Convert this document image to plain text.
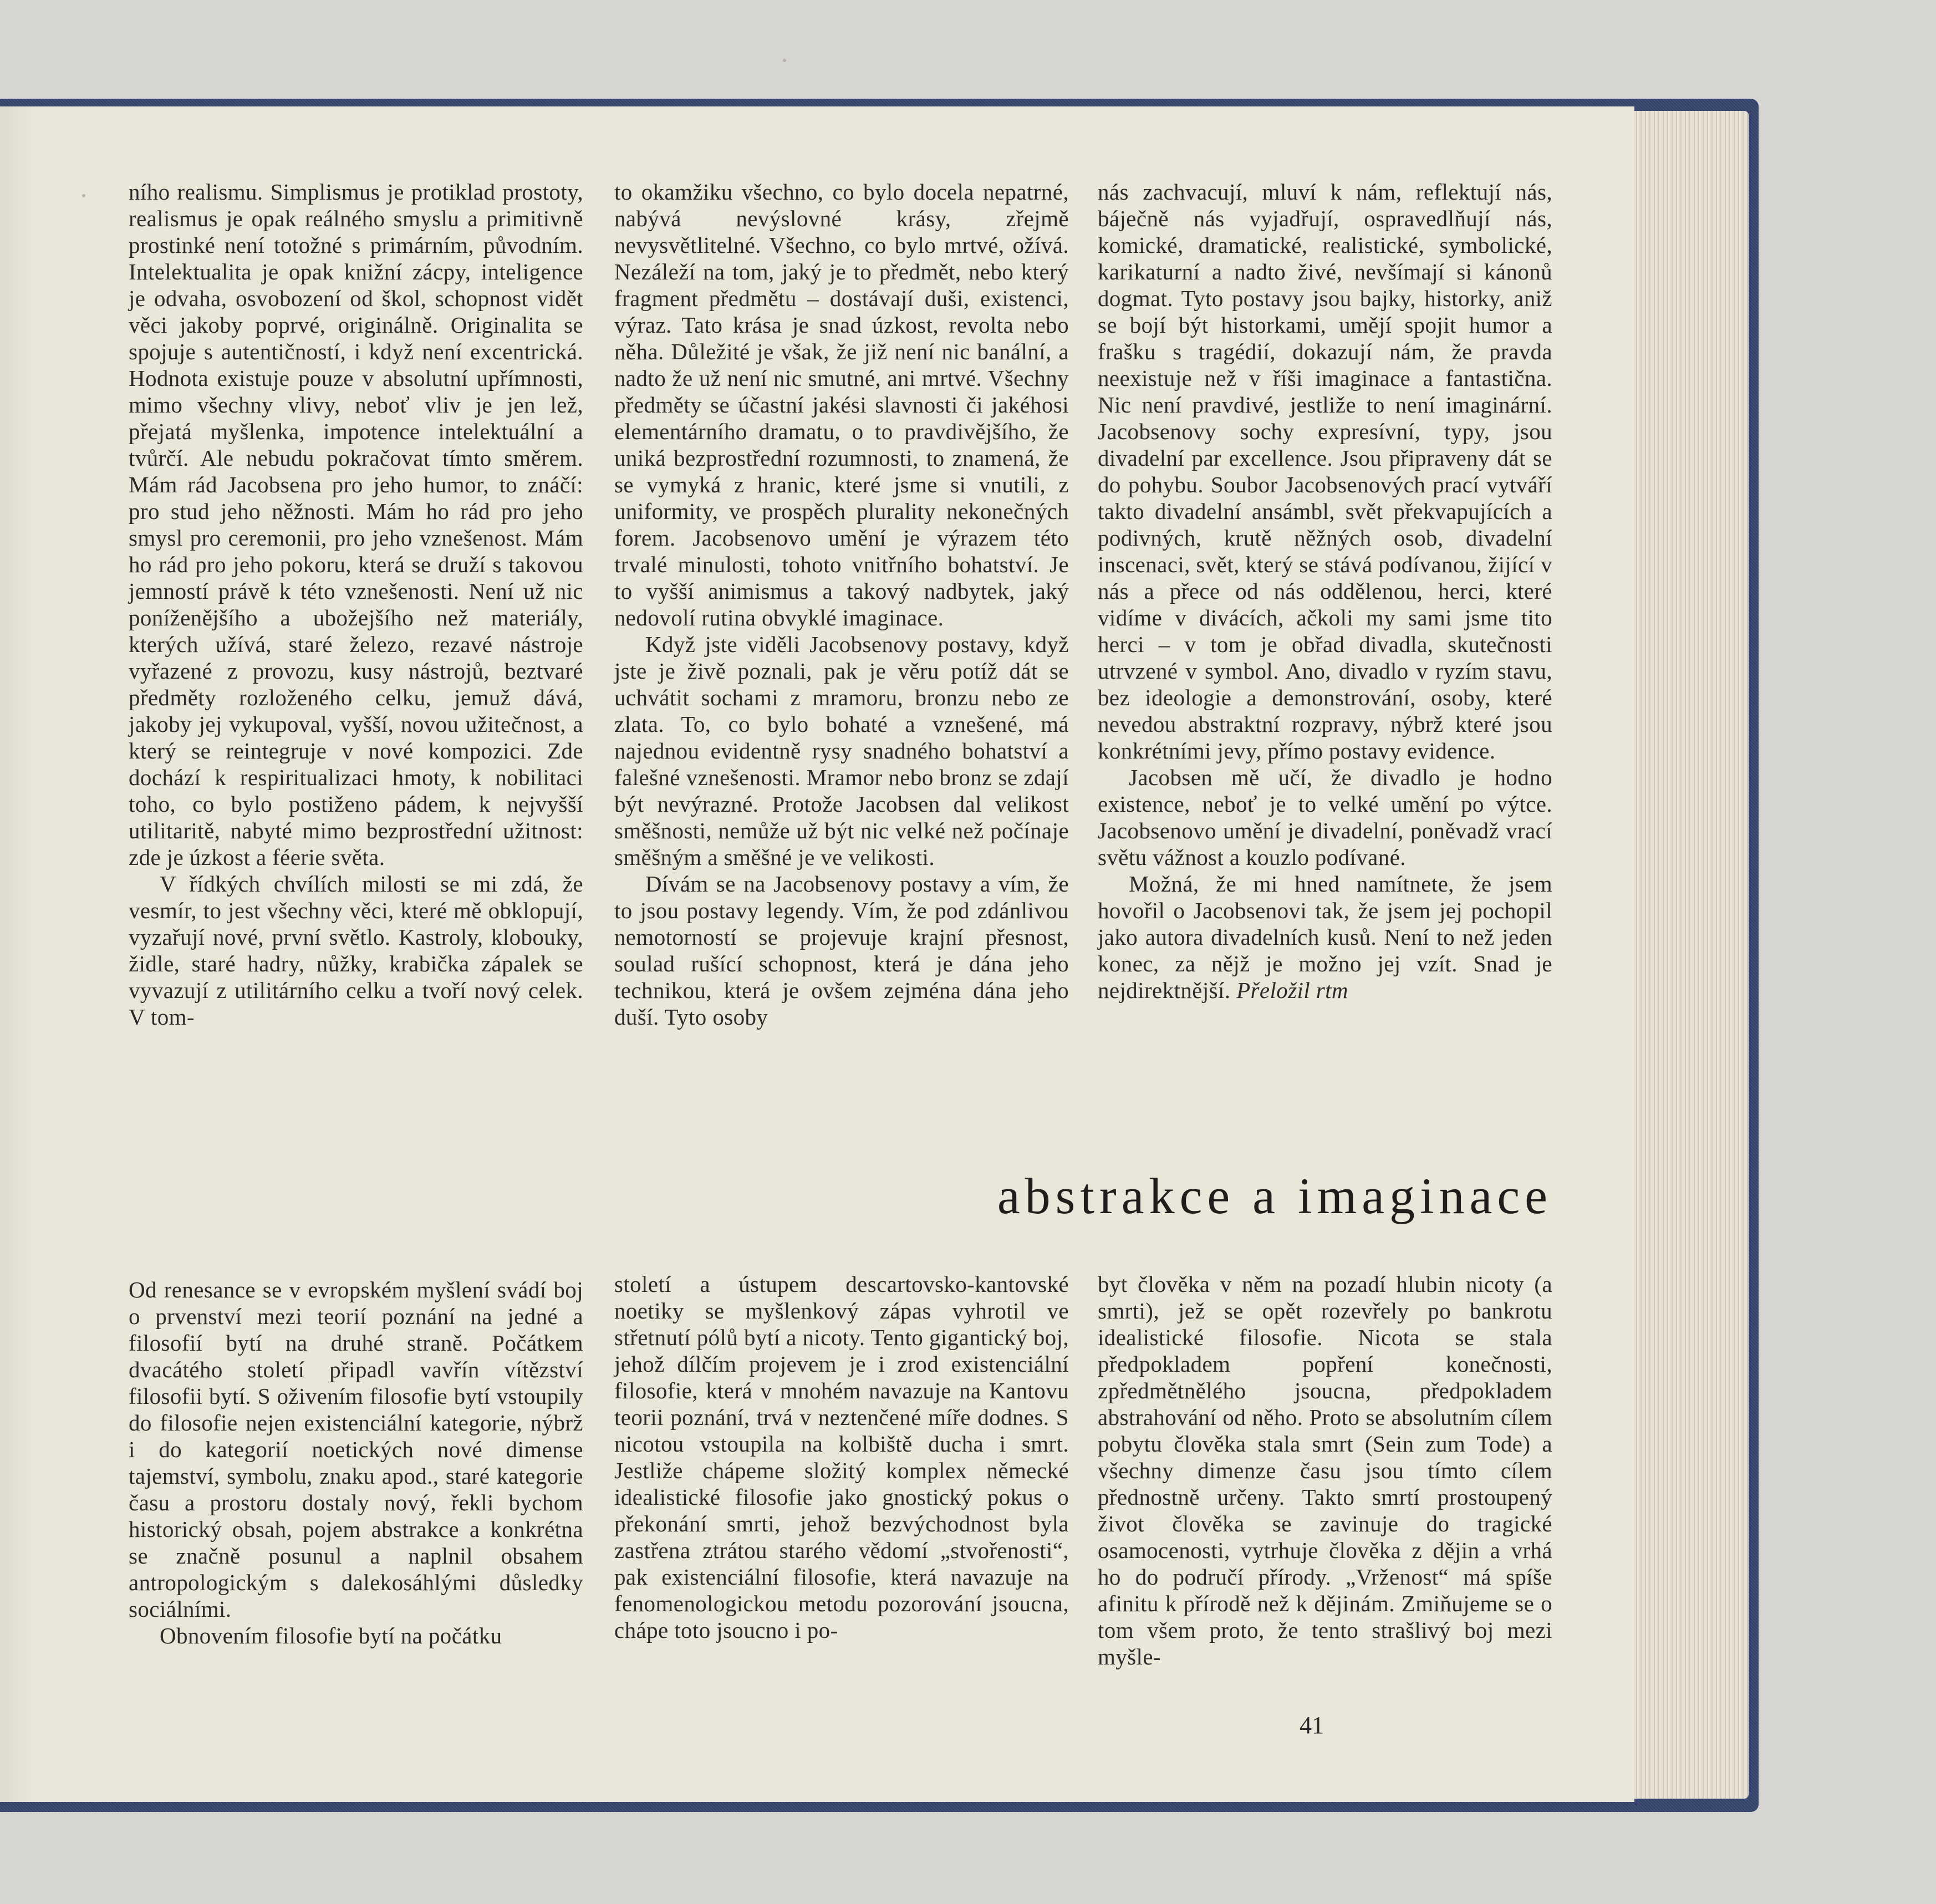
ního realismu. Simplismus je protiklad prostoty, realismus je opak reálného smyslu a primitivně prostinké není totožné s primárním, původním. Intelektualita je opak knižní zácpy, inteligence je odvaha, osvobození od škol, schopnost vidět věci jakoby poprvé, originálně. Originalita se spojuje s autentičností, i když není excentrická. Hodnota existuje pouze v absolutní upřímnosti, mimo všechny vlivy, neboť vliv je jen lež, přejatá myšlenka, impotence intelektuální a tvůrčí. Ale nebudu pokračovat tímto směrem. Mám rád Jacobsena pro jeho humor, to znáčí: pro stud jeho něžnosti. Mám ho rád pro jeho smysl pro ceremonii, pro jeho vznešenost. Mám ho rád pro jeho pokoru, která se druží s takovou jemností právě k této vznešenosti. Není už nic poníženějšího a ubožejšího než materiály, kterých užívá, staré železo, rezavé nástroje vyřazené z provozu, kusy nástrojů, beztvaré předměty rozloženého celku, jemuž dává, jakoby jej vykupoval, vyšší, novou užitečnost, a který se reintegruje v nové kompozici. Zde dochází k respiritualizaci hmoty, k nobilitaci toho, co bylo postiženo pádem, k nejvyšší utilitaritě, nabyté mimo bezprostřední užitnost: zde je úzkost a féerie světa.

V řídkých chvílích milosti se mi zdá, že vesmír, to jest všechny věci, které mě obklopují, vyzařují nové, první světlo. Kastroly, klobouky, židle, staré hadry, nůžky, krabička zápalek se vyvazují z utilitárního celku a tvoří nový celek. V tom-

to okamžiku všechno, co bylo docela nepatrné, nabývá nevýslovné krásy, zřejmě nevysvětlitelné. Všechno, co bylo mrtvé, ožívá. Nezáleží na tom, jaký je to předmět, nebo který fragment předmětu – dostávají duši, existenci, výraz. Tato krása je snad úzkost, revolta nebo něha. Důležité je však, že již není nic banální, a nadto že už není nic smutné, ani mrtvé. Všechny předměty se účastní jakési slavnosti či jakéhosi elementárního dramatu, o to pravdivějšího, že uniká bezprostřední rozumnosti, to znamená, že se vymyká z hranic, které jsme si vnutili, z uniformity, ve prospěch plurality nekonečných forem. Jacobsenovo umění je výrazem této trvalé minulosti, tohoto vnitřního bohatství. Je to vyšší animismus a takový nadbytek, jaký nedovolí rutina obvyklé imaginace.

Když jste viděli Jacobsenovy postavy, když jste je živě poznali, pak je věru potíž dát se uchvátit sochami z mramoru, bronzu nebo ze zlata. To, co bylo bohaté a vznešené, má najednou evidentně rysy snadného bohatství a falešné vznešenosti. Mramor nebo bronz se zdají být nevýrazné. Protože Jacobsen dal velikost směšnosti, nemůže už být nic velké než počínaje směšným a směšné je ve velikosti.

Dívám se na Jacobsenovy postavy a vím, že to jsou postavy legendy. Vím, že pod zdánlivou nemotorností se projevuje krajní přesnost, soulad rušící schopnost, která je dána jeho technikou, která je ovšem zejména dána jeho duší. Tyto osoby

nás zachvacují, mluví k nám, reflektují nás, báječně nás vyjadřují, ospravedlňují nás, komické, dramatické, realistické, symbolické, karikaturní a nadto živé, nevšímají si kánonů dogmat. Tyto postavy jsou bajky, historky, aniž se bojí být historkami, umějí spojit humor a frašku s tragédií, dokazují nám, že pravda neexistuje než v říši imaginace a fantastična. Nic není pravdivé, jestliže to není imaginární. Jacobsenovy sochy expresívní, typy, jsou divadelní par excellence. Jsou připraveny dát se do pohybu. Soubor Jacobsenových prací vytváří takto divadelní ansámbl, svět překvapujících a podivných, krutě něžných osob, divadelní inscenaci, svět, který se stává podívanou, žijící v nás a přece od nás oddělenou, herci, které vidíme v divácích, ačkoli my sami jsme tito herci – v tom je obřad divadla, skutečnosti utrvzené v symbol. Ano, divadlo v ryzím stavu, bez ideologie a demonstrování, osoby, které nevedou abstraktní rozpravy, nýbrž které jsou konkrétními jevy, přímo postavy evidence.

Jacobsen mě učí, že divadlo je hodno existence, neboť je to velké umění po výtce. Jacobsenovo umění je divadelní, poněvadž vrací světu vážnost a kouzlo podívané.

Možná, že mi hned namítnete, že jsem hovořil o Jacobsenovi tak, že jsem jej pochopil jako autora divadelních kusů. Není to než jeden konec, za nějž je možno jej vzít. Snad je nejdirektnější. Přeložil rtm

abstrakce a imaginace

Od renesance se v evropském myšlení svádí boj o prvenství mezi teorií poznání na jedné a filosofií bytí na druhé straně. Počátkem dvacátého století připadl vavřín vítězství filosofii bytí. S oživením filosofie bytí vstoupily do filosofie nejen existenciální kategorie, nýbrž i do kategorií noetických nové dimense tajemství, symbolu, znaku apod., staré kategorie času a prostoru dostaly nový, řekli bychom historický obsah, pojem abstrakce a konkrétna se značně posunul a naplnil obsahem antropologickým s dalekosáhlými důsledky sociálními.

Obnovením filosofie bytí na počátku

století a ústupem descartovsko-kantovské noetiky se myšlenkový zápas vyhrotil ve střetnutí pólů bytí a nicoty. Tento gigantický boj, jehož dílčím projevem je i zrod existenciální filosofie, která v mnohém navazuje na Kantovu teorii poznání, trvá v neztenčené míře dodnes. S nicotou vstoupila na kolbiště ducha i smrt. Jestliže chápeme složitý komplex německé idealistické filosofie jako gnostický pokus o překonání smrti, jehož bezvýchodnost byla zastřena ztrátou starého vědomí „stvořenosti“, pak existenciální filosofie, která navazuje na fenomenologickou metodu pozorování jsoucna, chápe toto jsoucno i po-

byt člověka v něm na pozadí hlubin nicoty (a smrti), jež se opět rozevřely po bankrotu idealistické filosofie. Nicota se stala předpokladem popření konečnosti, zpředmětnělého jsoucna, předpokladem abstrahování od něho. Proto se absolutním cílem pobytu člověka stala smrt (Sein zum Tode) a všechny dimenze času jsou tímto cílem přednostně určeny. Takto smrtí prostoupený život člověka se zavinuje do tragické osamocenosti, vytrhuje člověka z dějin a vrhá ho do područí přírody. „Vrženost“ má spíše afinitu k přírodě než k dějinám. Zmiňujeme se o tom všem proto, že tento strašlivý boj mezi myšle-

41
